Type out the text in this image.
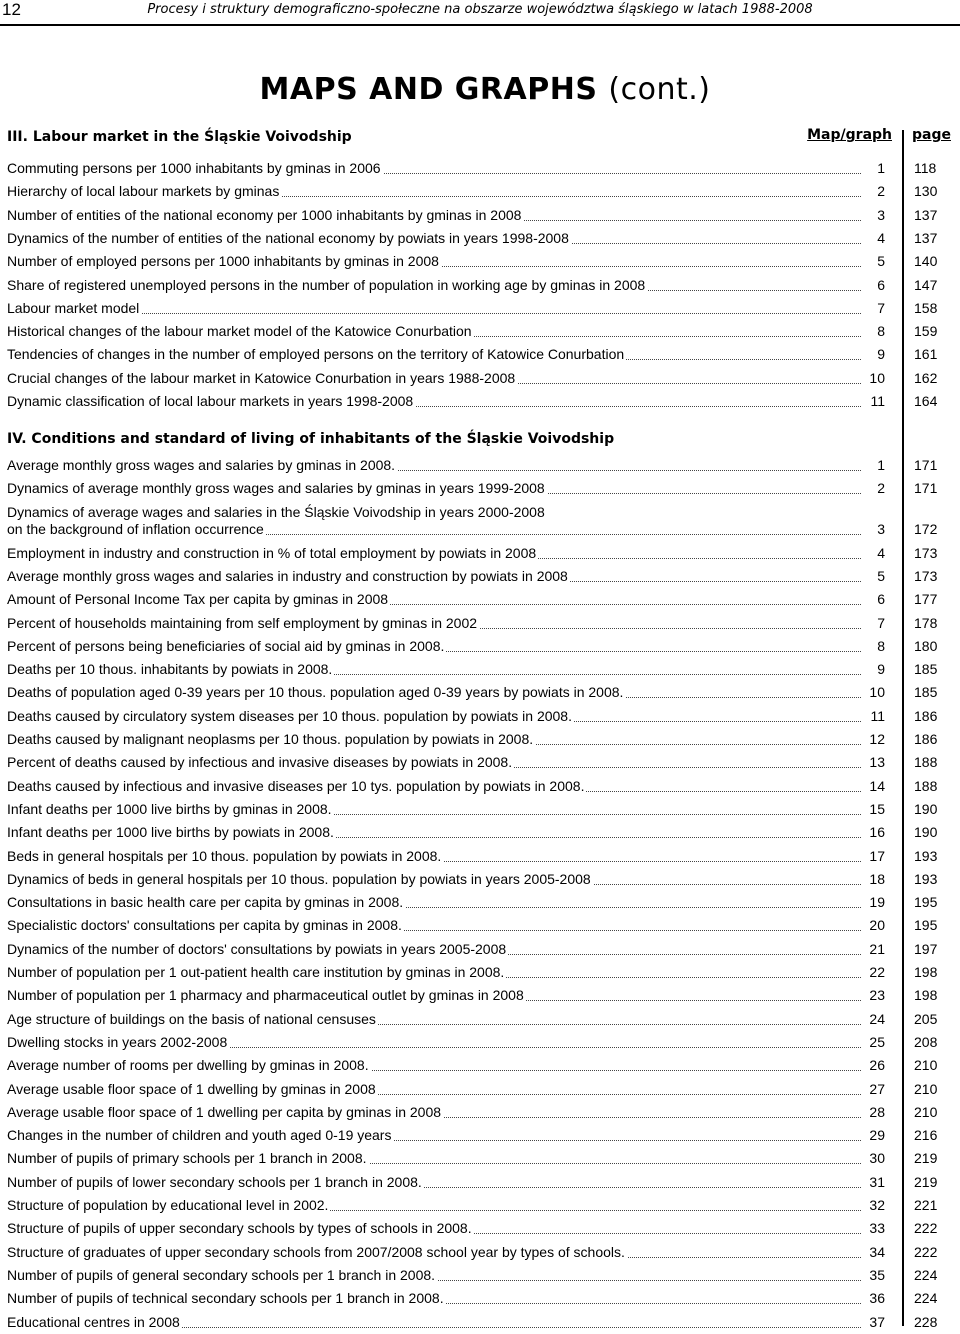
12	Procesy i struktury demograficzno-społeczne na obszarze województwa śląskiego w latach 1988-2008
MAPS AND GRAPHS (cont.)
III. Labour market in the Śląskie Voivodship	Map/graph page
Commuting persons per 1000 inhabitants by gminas in 2006	1 118
Hierarchy of local labour markets by gminas	2 130
Number of entities of the national economy per 1000 inhabitants by gminas in 2008	3 137
Dynamics of the number of entities of the national economy by powiats in years 1998-2008	4 137
Number of employed persons per 1000 inhabitants by gminas in 2008	5 140
Share of registered unemployed persons in the number of population in working age by gminas in 2008	6 147
Labour market model	7 158
Historical changes of the labour market model of the Katowice Conurbation	8 159
Tendencies of changes in the number of employed persons on the territory of Katowice Conurbation	9 161
Crucial changes of the labour market in Katowice Conurbation in years 1988-2008	10 162
Dynamic classification of local labour markets in years 1998-2008	11 164
IV. Conditions and standard of living of inhabitants of the Śląskie Voivodship
Average monthly gross wages and salaries by gminas in 2008.	1 171
Dynamics of average monthly gross wages and salaries by gminas in years 1999-2008	2 171
Dynamics of average wages and salaries in the Śląskie Voivodship in years 2000-2008
on the background of inflation occurrence	3 172
Employment in industry and construction in % of total employment by powiats in 2008	4 173
Average monthly gross wages and salaries in industry and construction by powiats in 2008	5 173
Amount of Personal Income Tax per capita by gminas in 2008	6 177
Percent of households maintaining from self employment by gminas in 2002	7 178
Percent of persons being beneficiaries of social aid by gminas in 2008.	8 180
Deaths per 10 thous. inhabitants by powiats in 2008.	9 185
Deaths of population aged 0-39 years per 10 thous. population aged 0-39 years by powiats in 2008.	10 185
Deaths caused by circulatory system diseases per 10 thous. population by powiats in 2008.	11 186
Deaths caused by malignant neoplasms per 10 thous. population by powiats in 2008.	12 186
Percent of deaths caused by infectious and invasive diseases by powiats in 2008.	13 188
Deaths caused by infectious and invasive diseases per 10 tys. population by powiats in 2008.	14 188
Infant deaths per 1000 live births by gminas in 2008.	15 190
Infant deaths per 1000 live births by powiats in 2008.	16 190
Beds in general hospitals per 10 thous. population by powiats in 2008.	17 193
Dynamics of beds in general hospitals per 10 thous. population by powiats in years 2005-2008	18 193
Consultations in basic health care per capita by gminas in 2008.	19 195
Specialistic doctors' consultations per capita by gminas in 2008.	20 195
Dynamics of the number of doctors' consultations by powiats in years 2005-2008	21 197
Number of population per 1 out-patient health care institution by gminas in 2008.	22 198
Number of population per 1 pharmacy and pharmaceutical outlet by gminas in 2008	23 198
Age structure of buildings on the basis of national censuses	24 205
Dwelling stocks in years 2002-2008	25 208
Average number of rooms per dwelling by gminas in 2008.	26 210
Average usable floor space of 1 dwelling by gminas in 2008	27 210
Average usable floor space of 1 dwelling per capita by gminas in 2008	28 210
Changes in the number of children and youth aged 0-19 years	29 216
Number of pupils of primary schools per 1 branch in 2008.	30 219
Number of pupils of lower secondary schools per 1 branch in 2008.	31 219
Structure of population by educational level in 2002.	32 221
Structure of pupils of upper secondary schools by types of schools in 2008.	33 222
Structure of graduates of upper secondary schools from 2007/2008 school year by types of schools.	34 222
Number of pupils of general secondary schools per 1 branch in 2008.	35 224
Number of pupils of technical secondary schools per 1 branch in 2008.	36 224
Educational centres in 2008	37 228
